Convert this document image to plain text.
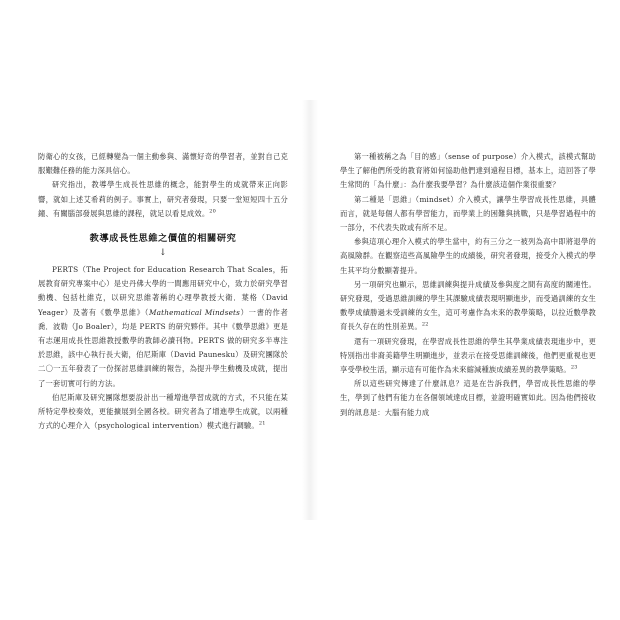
防衛心的女孩，已經轉變為一個主動參與、滿懷好奇的學習者，並對自己克服艱難任務的能力深具信心。

研究指出，教導學生成長性思維的概念，能對學生的成就帶來正向影響，就如上述艾希莉的例子。事實上，研究者發現，只要一堂短短四十五分鐘、有關腦部發展與思維的課程，就足以看見成效。$^{20}$

教導成長性思維之價值的相關研究
↓

PERTS（The Project for Education Research That Scales，拓展教育研究專案中心）是史丹佛大學的一間應用研究中心，致力於研究學習動機、包括杜維克，以研究思維著稱的心理學教授大衛．葉格（David Yeager）及著有《數學思維》（Mathematical Mindsets）一書的作者喬．波勒（Jo Boaler），均是 PERTS 的研究夥伴。其中《數學思維》更是有志運用成長性思維教授數學的教師必讀刊物。PERTS 做的研究多半專注於思維，該中心執行長大衛，伯尼斯庫（David Paunesku）及研究團隊於二〇一五年發表了一份探討思維訓練的報告，為提升學生動機及成就，提出了一套切實可行的方法。

伯尼斯庫及研究團隊想要設計出一種增進學習成就的方式，不只能在某所特定學校奏效，更能擴展到全國各校。研究者為了增進學生成就，以兩種方式的心理介入（psychological intervention）模式進行調驗。$^{21}$

第一種被稱之為「目的感」（sense of purpose）介入模式，該模式幫助學生了解他們所受的教育將如何協助他們達到遠程目標，基本上，這回答了學生常問的「為什麼」：為什麼我要學習？為什麼該這個作業很重要？

第二種是「思維」（mindset）介入模式，讓學生學習成長性思維，具體而言，就是每個人都有學習能力，而學業上的困難與挑戰，只是學習過程中的一部分，不代表失敗或有所不足。

參與這項心理介入模式的學生當中，約有三分之一被列為高中即將退學的高風險群。在觀察這些高風險學生的成績後，研究者發現，接受介入模式的學生其平均分數顯著提升。

另一項研究也顯示，思維訓練與提升成績及參與度之間有高度的關連性。研究發現，受過思維訓練的學生其課驗成績表現明顯進步，而受過訓練的女生數學成績勝過未受訓練的女生，這可考慮作為未來的教學策略，以拉近數學教育長久存在的性別差異。$^{22}$

還有一項研究發現，在學習成長性思維的學生其學業成績表現進步中，更特別指出非裔美籍學生明顯進步，並表示在接受思維訓練後，他們更重視也更享受學校生活，顯示這有可能作為未來縮減種族成績差異的教學策略。$^{23}$

所以這些研究傳達了什麼訊息？這是在告訴我們，學習成長性思維的學生，學到了他們有能力在各個領域達成目標，並證明確實如此。因為他們接收到的訊息是：大腦有能力成
